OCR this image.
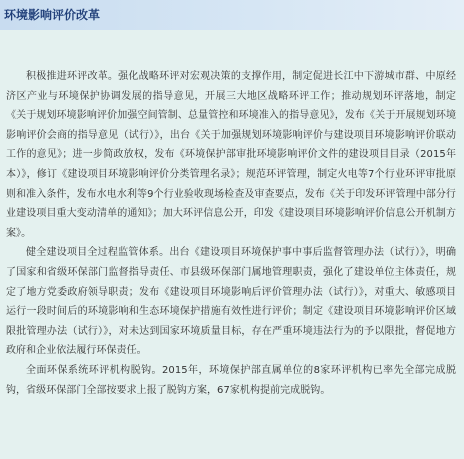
环境影响评价改革

积极推进环评改革。强化战略环评对宏观决策的支撑作用，制定促进长江中下游城市群、中原经济区产业与环境保护协调发展的指导意见，开展三大地区战略环评工作；推动规划环评落地，制定《关于规划环境影响评价加强空间管制、总量管控和环境准入的指导意见》，发布《关于开展规划环境影响评价会商的指导意见（试行）》，出台《关于加强规划环境影响评价与建设项目环境影响评价联动工作的意见》；进一步简政放权，发布《环境保护部审批环境影响评价文件的建设项目目录（2015年本）》，修订《建设项目环境影响评价分类管理名录》；规范环评管理，制定火电等7个行业环评审批原则和准入条件，发布水电水利等9个行业验收现场检查及审查要点，发布《关于印发环评管理中部分行业建设项目重大变动清单的通知》；加大环评信息公开，印发《建设项目环境影响评价信息公开机制方案》。

健全建设项目全过程监管体系。出台《建设项目环境保护事中事后监督管理办法（试行）》，明确了国家和省级环保部门监督指导责任、市县级环保部门属地管理职责，强化了建设单位主体责任，规定了地方党委政府领导职责；发布《建设项目环境影响后评价管理办法（试行）》，对重大、敏感项目运行一段时间后的环境影响和生态环境保护措施有效性进行评价；制定《建设项目环境影响评价区域限批管理办法（试行）》，对未达到国家环境质量目标，存在严重环境违法行为的予以限批，督促地方政府和企业依法履行环保责任。

全面环保系统环评机构脱钩。2015年，环境保护部直属单位的8家环评机构已率先全部完成脱钩，省级环保部门全部按要求上报了脱钩方案，67家机构提前完成脱钩。
